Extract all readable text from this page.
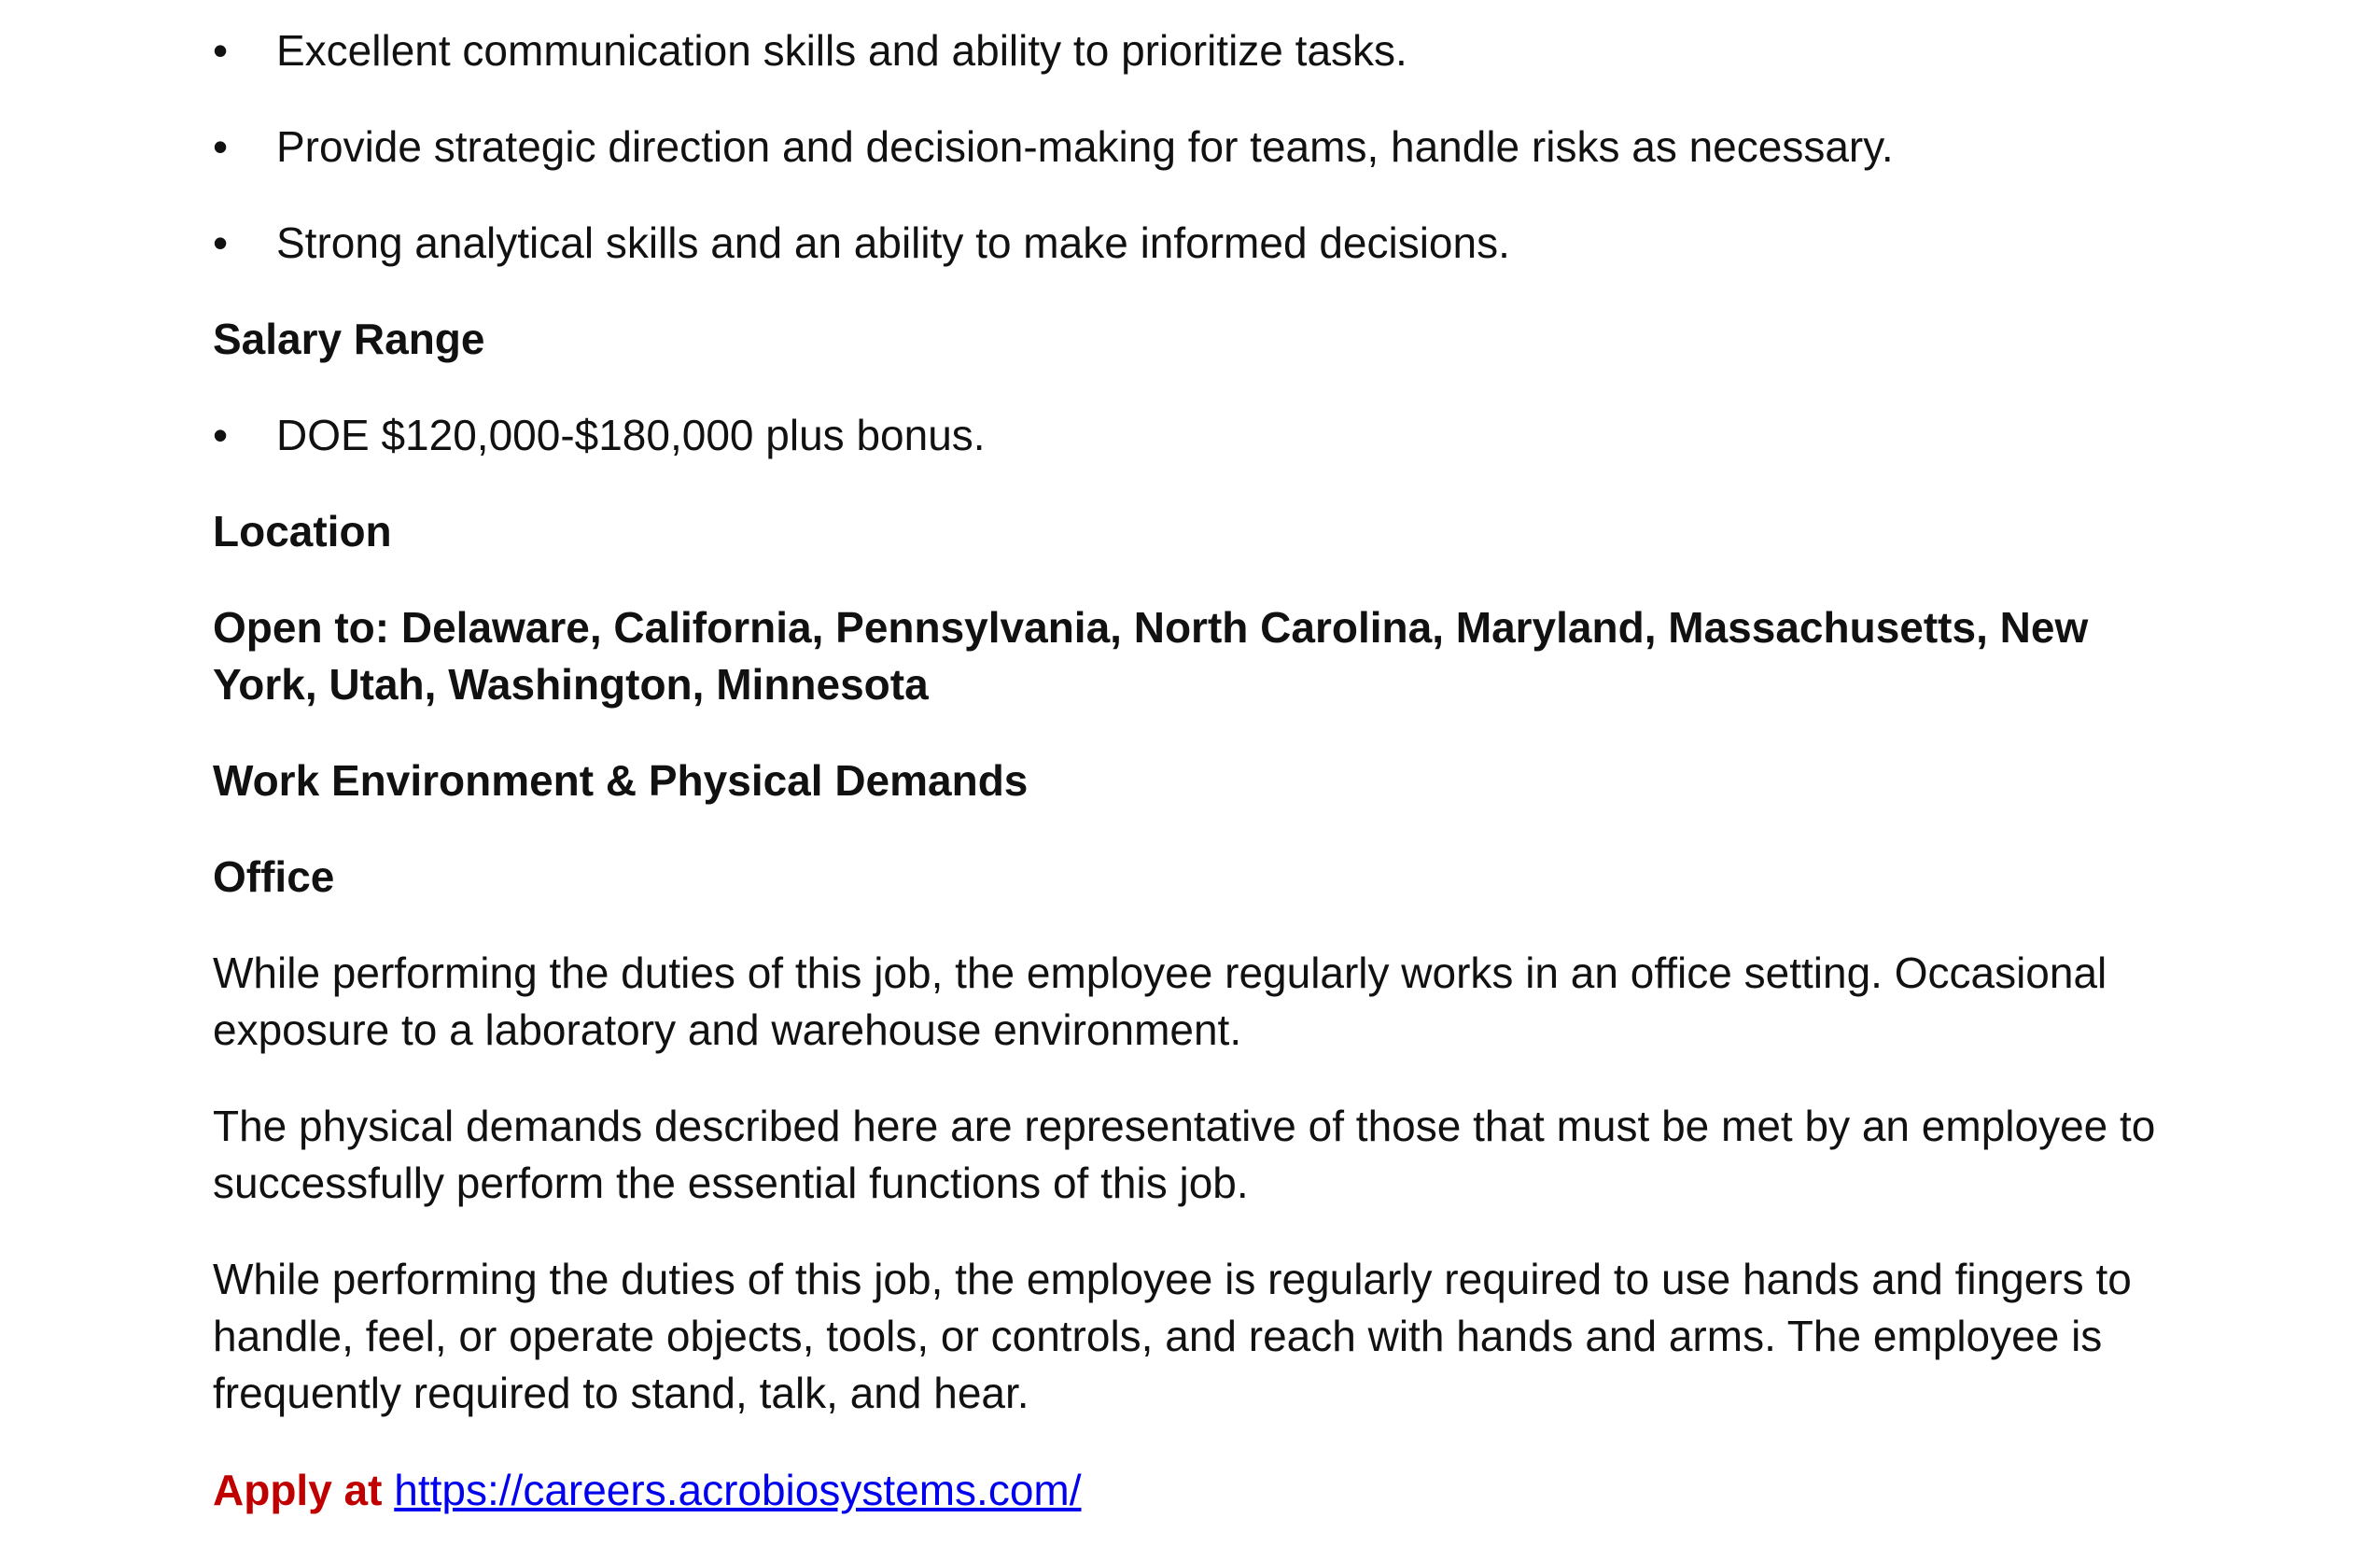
•	Excellent communication skills and ability to prioritize tasks.
•	Provide strategic direction and decision-making for teams, handle risks as necessary.
•	Strong analytical skills and an ability to make informed decisions.
Salary Range
•	DOE $120,000-$180,000 plus bonus.
Location
Open to: Delaware, California, Pennsylvania, North Carolina, Maryland, Massachusetts, New
York, Utah, Washington, Minnesota
Work Environment & Physical Demands
Office
While performing the duties of this job, the employee regularly works in an office setting. Occasional
exposure to a laboratory and warehouse environment.
The physical demands described here are representative of those that must be met by an employee to
successfully perform the essential functions of this job.
While performing the duties of this job, the employee is regularly required to use hands and fingers to
handle, feel, or operate objects, tools, or controls, and reach with hands and arms. The employee is
frequently required to stand, talk, and hear.
Apply at https://careers.acrobiosystems.com/
